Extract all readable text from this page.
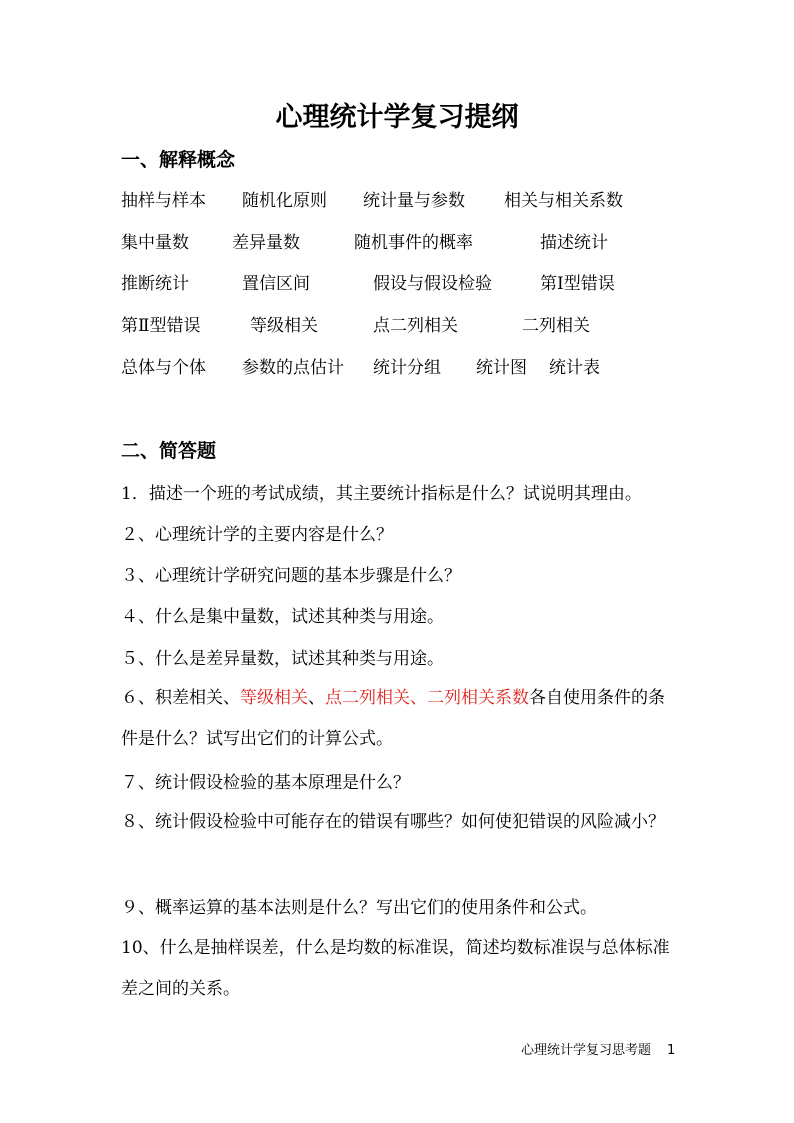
心理统计学复习提纲
一、解释概念
抽样与样本 随机化原则 统计量与参数 相关与相关系数
集中量数	差异量数	随机事件的概率	描述统计
推断统计	置信区间	假设与假设检验	第Ⅰ型错误
第Ⅱ型错误	等级相关	点二列相关	二列相关
总体与个体 参数的点估计 统计分组 统计图 统计表
二、简答题
1．描述一个班的考试成绩，其主要统计指标是什么？试说明其理由。
２、心理统计学的主要内容是什么？
３、心理统计学研究问题的基本步骤是什么？
４、什么是集中量数，试述其种类与用途。
５、什么是差异量数，试述其种类与用途。
６、积差相关、等级相关、点二列相关、二列相关系数各自使用条件的条件是什么？试写出它们的计算公式。
７、统计假设检验的基本原理是什么？
８、统计假设检验中可能存在的错误有哪些？如何使犯错误的风险减小？
９、概率运算的基本法则是什么？写出它们的使用条件和公式。
10、什么是抽样误差，什么是均数的标准误，简述均数标准误与总体标准差之间的关系。
心理统计学复习思考题 1
